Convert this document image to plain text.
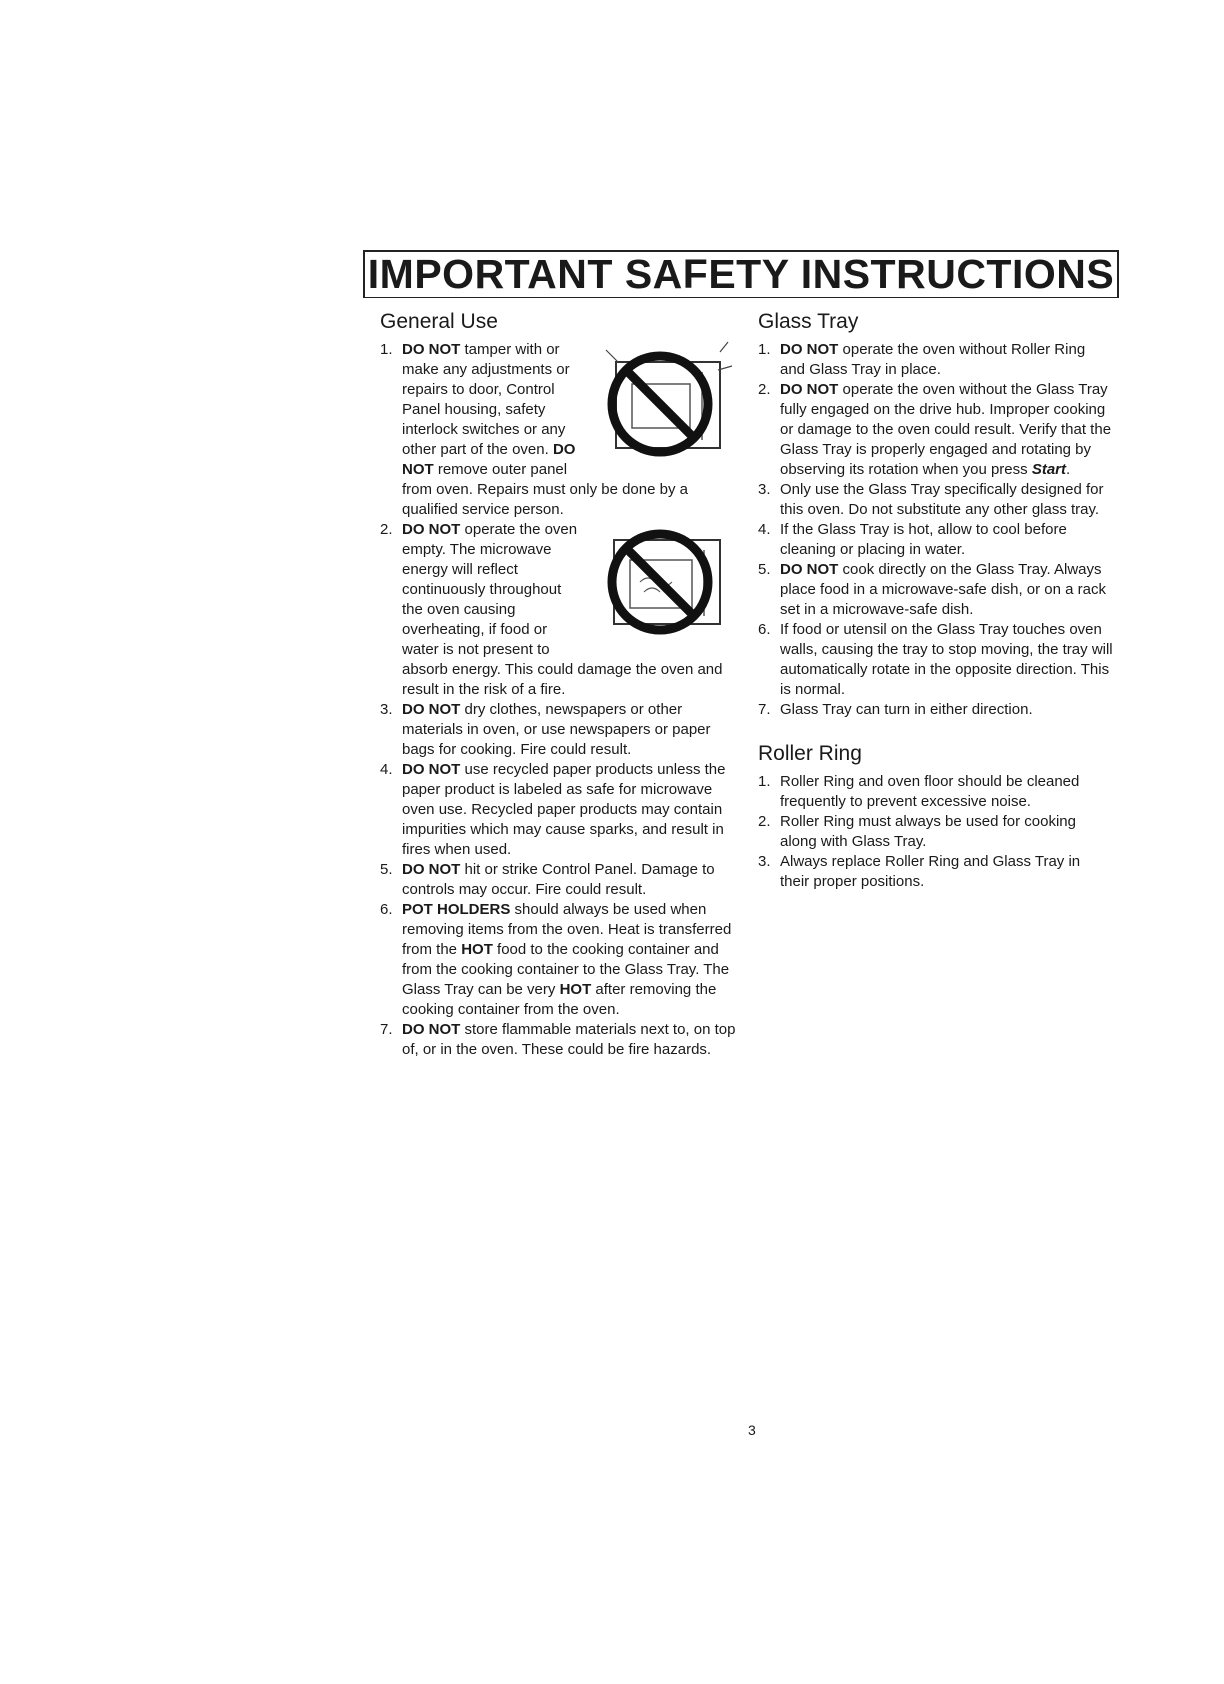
IMPORTANT SAFETY INSTRUCTIONS
General Use
1. DO NOT tamper with or make any adjustments or repairs to door, Control Panel housing, safety interlock switches or any other part of the oven. DO NOT remove outer panel from oven. Repairs must only be done by a qualified service person.
2. DO NOT operate the oven empty. The microwave energy will reflect continuously throughout the oven causing overheating, if food or water is not present to absorb energy. This could damage the oven and result in the risk of a fire.
3. DO NOT dry clothes, newspapers or other materials in oven, or use newspapers or paper bags for cooking. Fire could result.
4. DO NOT use recycled paper products unless the paper product is labeled as safe for microwave oven use. Recycled paper products may contain impurities which may cause sparks, and result in fires when used.
5. DO NOT hit or strike Control Panel. Damage to controls may occur. Fire could result.
6. POT HOLDERS should always be used when removing items from the oven. Heat is transferred from the HOT food to the cooking container and from the cooking container to the Glass Tray. The Glass Tray can be very HOT after removing the cooking container from the oven.
7. DO NOT store flammable materials next to, on top of, or in the oven. These could be fire hazards.
Glass Tray
1. DO NOT operate the oven without Roller Ring and Glass Tray in place.
2. DO NOT operate the oven without the Glass Tray fully engaged on the drive hub. Improper cooking or damage to the oven could result. Verify that the Glass Tray is properly engaged and rotating by observing its rotation when you press Start.
3. Only use the Glass Tray specifically designed for this oven. Do not substitute any other glass tray.
4. If the Glass Tray is hot, allow to cool before cleaning or placing in water.
5. DO NOT cook directly on the Glass Tray. Always place food in a microwave-safe dish, or on a rack set in a microwave-safe dish.
6. If food or utensil on the Glass Tray touches oven walls, causing the tray to stop moving, the tray will automatically rotate in the opposite direction. This is normal.
7. Glass Tray can turn in either direction.
Roller Ring
1. Roller Ring and oven floor should be cleaned frequently to prevent excessive noise.
2. Roller Ring must always be used for cooking along with Glass Tray.
3. Always replace Roller Ring and Glass Tray in their proper positions.
3
